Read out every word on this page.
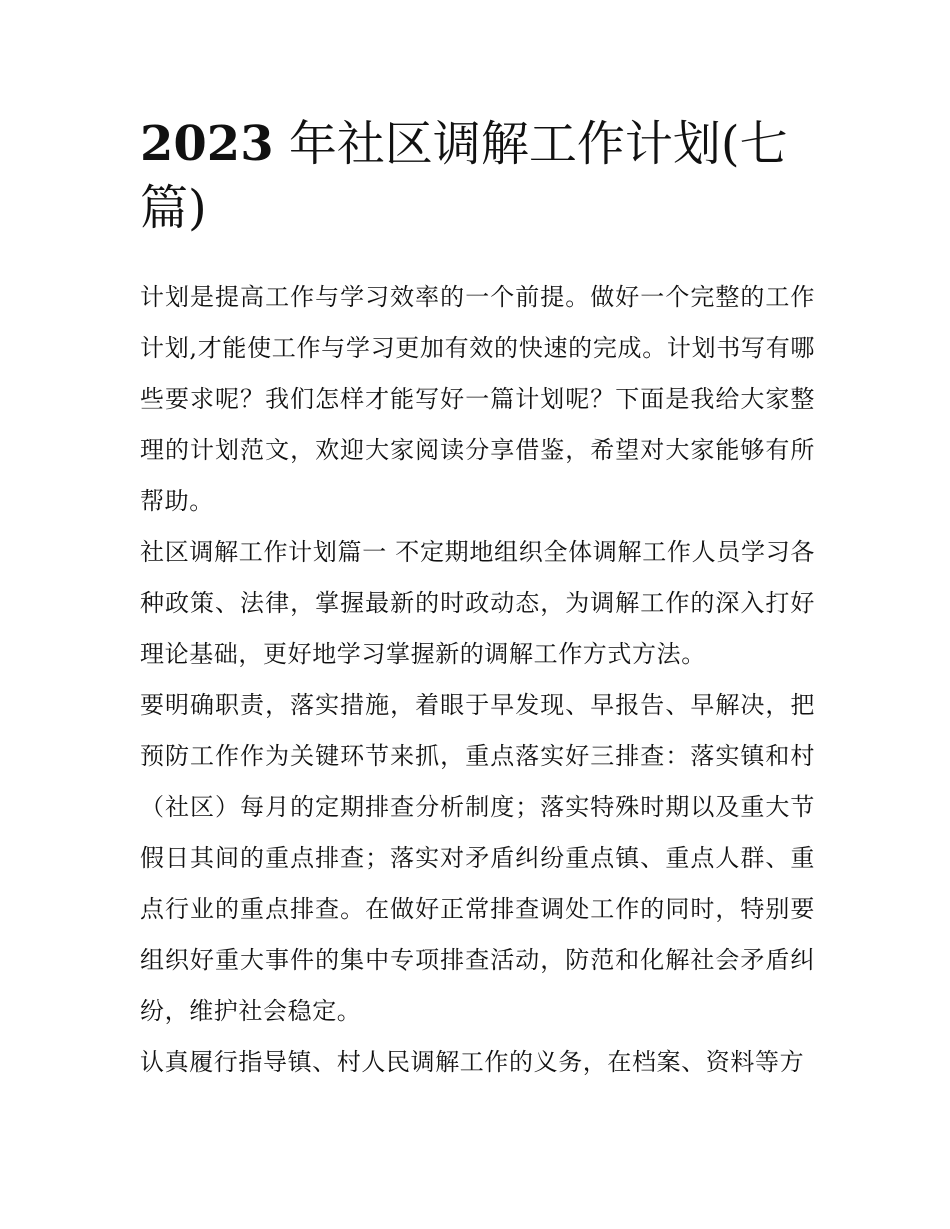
2023 年社区调解工作计划(七篇)

计划是提高工作与学习效率的一个前提。做好一个完整的工作计划,才能使工作与学习更加有效的快速的完成。计划书写有哪些要求呢？我们怎样才能写好一篇计划呢？下面是我给大家整理的计划范文，欢迎大家阅读分享借鉴，希望对大家能够有所帮助。

社区调解工作计划篇一 不定期地组织全体调解工作人员学习各种政策、法律，掌握最新的时政动态，为调解工作的深入打好理论基础，更好地学习掌握新的调解工作方式方法。

要明确职责，落实措施，着眼于早发现、早报告、早解决，把预防工作作为关键环节来抓，重点落实好三排查：落实镇和村（社区）每月的定期排查分析制度；落实特殊时期以及重大节假日其间的重点排查；落实对矛盾纠纷重点镇、重点人群、重点行业的重点排查。在做好正常排查调处工作的同时，特别要组织好重大事件的集中专项排查活动，防范和化解社会矛盾纠纷，维护社会稳定。

认真履行指导镇、村人民调解工作的义务，在档案、资料等方
